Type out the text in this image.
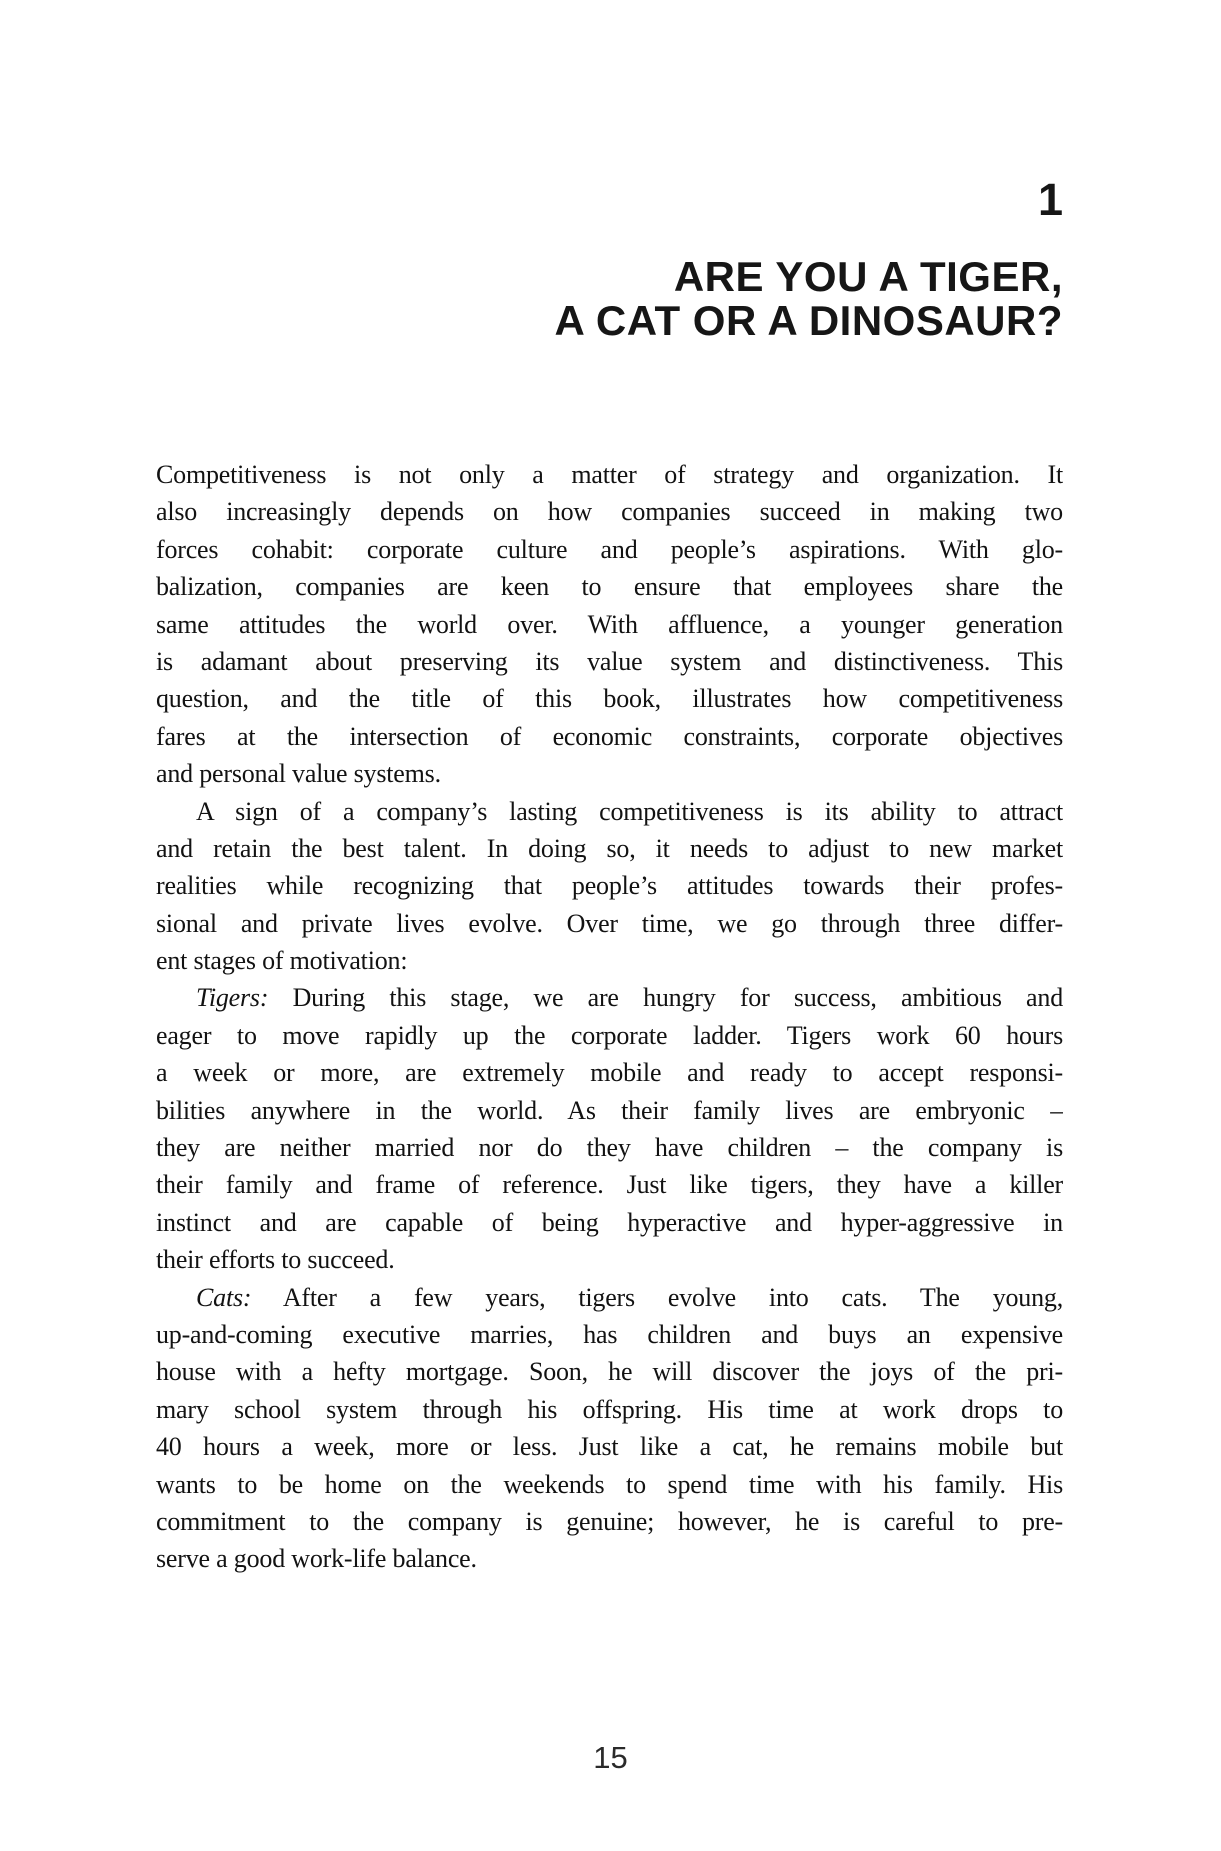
1
ARE YOU A TIGER,
A CAT OR A DINOSAUR?
Competitiveness is not only a matter of strategy and organization. It
also increasingly depends on how companies succeed in making two
forces cohabit: corporate culture and people’s aspirations. With glo-
balization, companies are keen to ensure that employees share the
same attitudes the world over. With affluence, a younger generation
is adamant about preserving its value system and distinctiveness. This
question, and the title of this book, illustrates how competitiveness
fares at the intersection of economic constraints, corporate objectives
and personal value systems.
A sign of a company’s lasting competitiveness is its ability to attract
and retain the best talent. In doing so, it needs to adjust to new market
realities while recognizing that people’s attitudes towards their profes-
sional and private lives evolve. Over time, we go through three differ-
ent stages of motivation:
Tigers: During this stage, we are hungry for success, ambitious and
eager to move rapidly up the corporate ladder. Tigers work 60 hours
a week or more, are extremely mobile and ready to accept responsi-
bilities anywhere in the world. As their family lives are embryonic –
they are neither married nor do they have children – the company is
their family and frame of reference. Just like tigers, they have a killer
instinct and are capable of being hyperactive and hyper-aggressive in
their efforts to succeed.
Cats: After a few years, tigers evolve into cats. The young,
up-and-coming executive marries, has children and buys an expensive
house with a hefty mortgage. Soon, he will discover the joys of the pri-
mary school system through his offspring. His time at work drops to
40 hours a week, more or less. Just like a cat, he remains mobile but
wants to be home on the weekends to spend time with his family. His
commitment to the company is genuine; however, he is careful to pre-
serve a good work-life balance.
15
